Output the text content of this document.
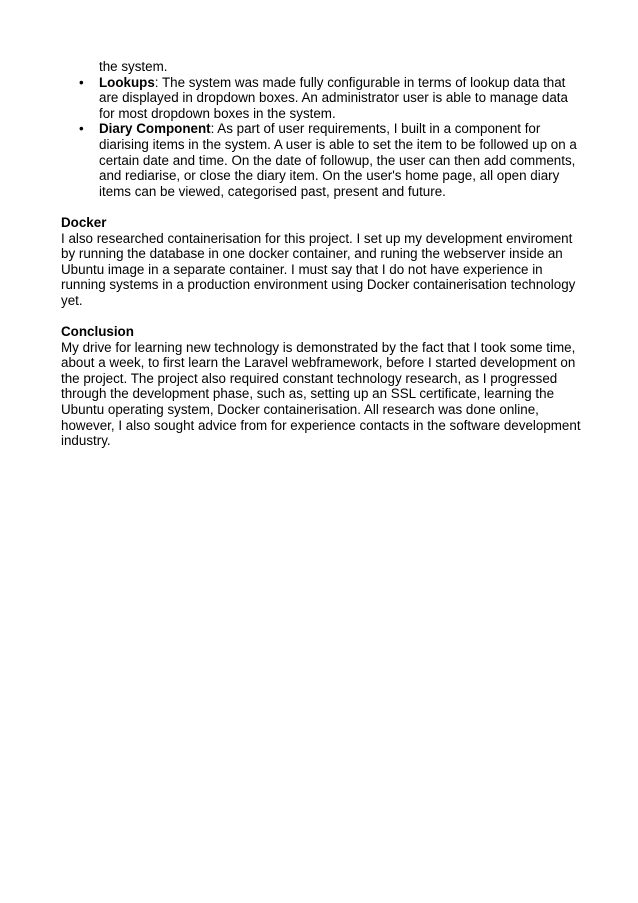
the system.

• Lookups: The system was made fully configurable in terms of lookup data that are displayed in dropdown boxes. An administrator user is able to manage data for most dropdown boxes in the system.
• Diary Component: As part of user requirements, I built in a component for diarising items in the system. A user is able to set the item to be followed up on a certain date and time. On the date of followup, the user can then add comments, and rediarise, or close the diary item. On the user's home page, all open diary items can be viewed, categorised past, present and future.

Docker

I also researched containerisation for this project. I set up my development enviroment by running the database in one docker container, and runing the webserver inside an Ubuntu image in a separate container. I must say that I do not have experience in running systems in a production environment using Docker containerisation technology yet.

Conclusion

My drive for learning new technology is demonstrated by the fact that I took some time, about a week, to first learn the Laravel webframework, before I started development on the project. The project also required constant technology research, as I progressed through the development phase, such as, setting up an SSL certificate, learning the Ubuntu operating system, Docker containerisation. All research was done online, however, I also sought advice from for experience contacts in the software development industry.
